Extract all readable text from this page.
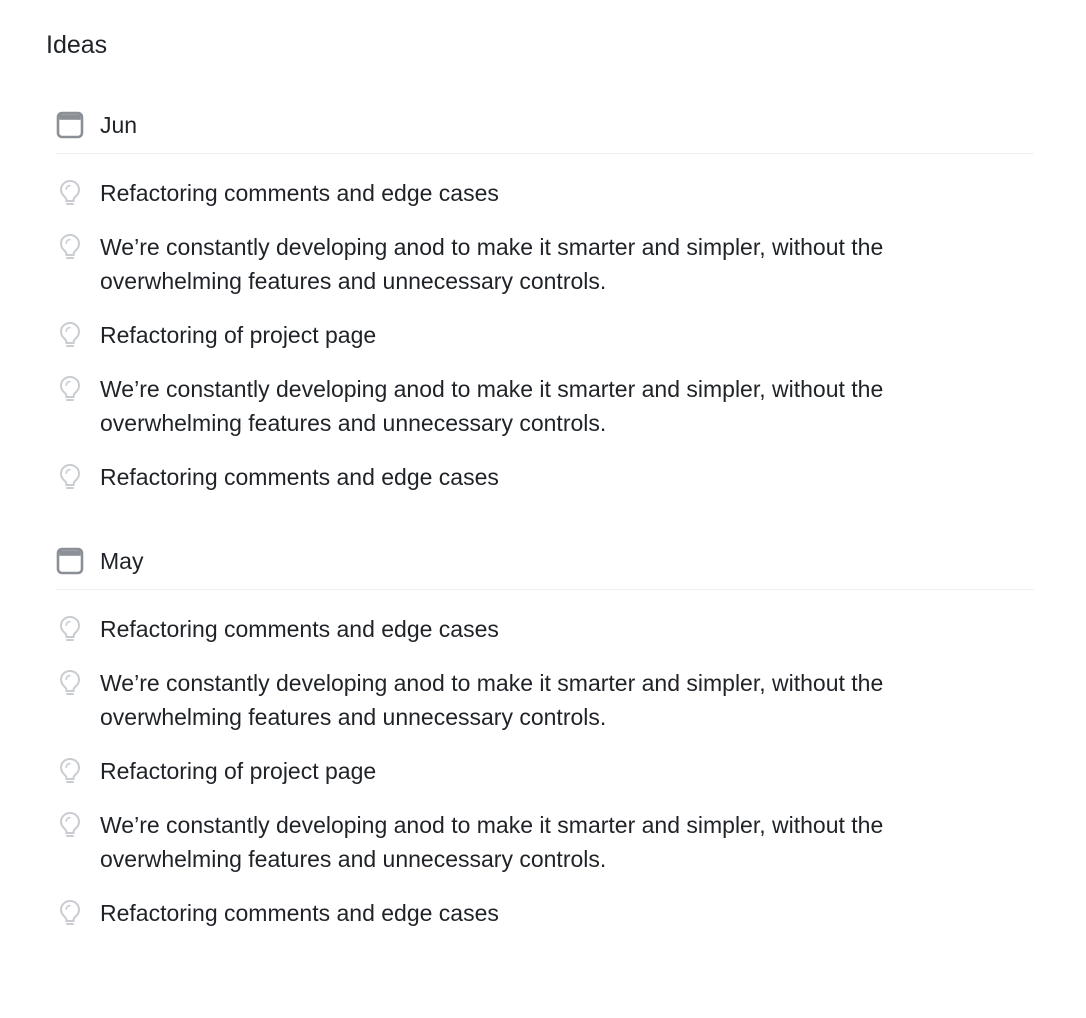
Ideas
Jun
Refactoring comments and edge cases
We’re constantly developing anod to make it smarter and simpler, without the overwhelming features and unnecessary controls.
Refactoring of project page
We’re constantly developing anod to make it smarter and simpler, without the overwhelming features and unnecessary controls.
Refactoring comments and edge cases
May
Refactoring comments and edge cases
We’re constantly developing anod to make it smarter and simpler, without the overwhelming features and unnecessary controls.
Refactoring of project page
We’re constantly developing anod to make it smarter and simpler, without the overwhelming features and unnecessary controls.
Refactoring comments and edge cases
